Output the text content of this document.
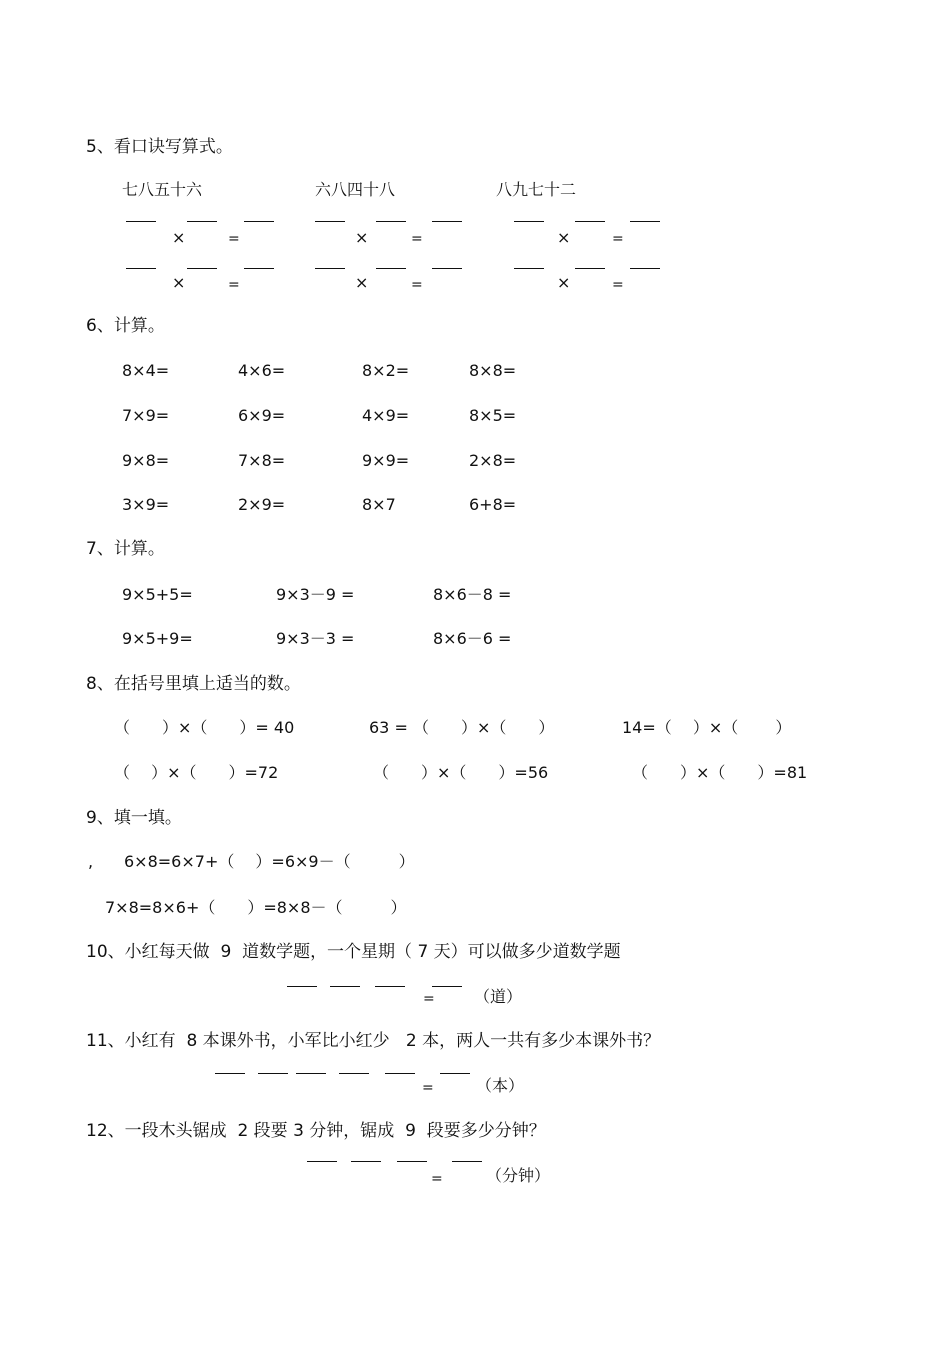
5、看口诀写算式。
七八五十六	六八四十八	八九七十二
×	=	×	=	×	=
×	=	×	=	×	=
6、计算。
8×4=	4×6=	8×2=	8×8=
7×9=	6×9=	4×9=	8×5=
9×8=	7×8=	9×9=	2×8=
3×9=	2×9=	8×7	6+8=
7、计算。
9×5+5=	9×3－9 =	8×6－8 =
9×5+9=	9×3－3 =	8×6－6 =
8、在括号里填上适当的数。
（　　）×（　　）= 40	63 = （　　）×（　　）	14=（　 ）×（　　 ）
（　 ）×（　　）=72	（　　）×（　　）=56	（　　）×（　　）=81
9、填一填。
, 6×8=6×7+（　 ）=6×9－（　　　）
7×8=8×6+（　　）=8×8－（　　　）
10、小红每天做  9  道数学题，一个星期（ 7 天）可以做多少道数学题
= （道）
11、小红有  8 本课外书，小军比小红少   2 本，两人一共有多少本课外书？
=	（本）
12、一段木头锯成  2 段要 3 分钟，锯成  9  段要多少分钟？
=	（分钟）
